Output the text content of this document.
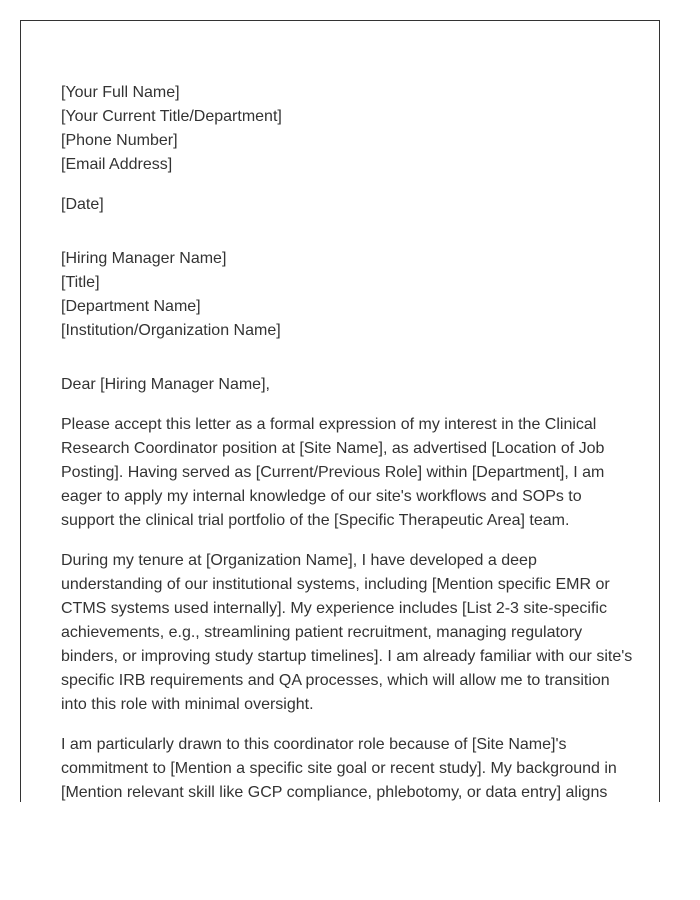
[Your Full Name]
[Your Current Title/Department]
[Phone Number]
[Email Address]
[Date]
[Hiring Manager Name]
[Title]
[Department Name]
[Institution/Organization Name]
Dear [Hiring Manager Name],

Please accept this letter as a formal expression of my interest in the Clinical Research Coordinator position at [Site Name], as advertised [Location of Job Posting]. Having served as [Current/Previous Role] within [Department], I am eager to apply my internal knowledge of our site's workflows and SOPs to support the clinical trial portfolio of the [Specific Therapeutic Area] team.

During my tenure at [Organization Name], I have developed a deep understanding of our institutional systems, including [Mention specific EMR or CTMS systems used internally]. My experience includes [List 2-3 site-specific achievements, e.g., streamlining patient recruitment, managing regulatory binders, or improving study startup timelines]. I am already familiar with our site's specific IRB requirements and QA processes, which will allow me to transition into this role with minimal oversight.

I am particularly drawn to this coordinator role because of [Site Name]'s commitment to [Mention a specific site goal or recent study]. My background in [Mention relevant skill like GCP compliance, phlebotomy, or data entry] aligns
